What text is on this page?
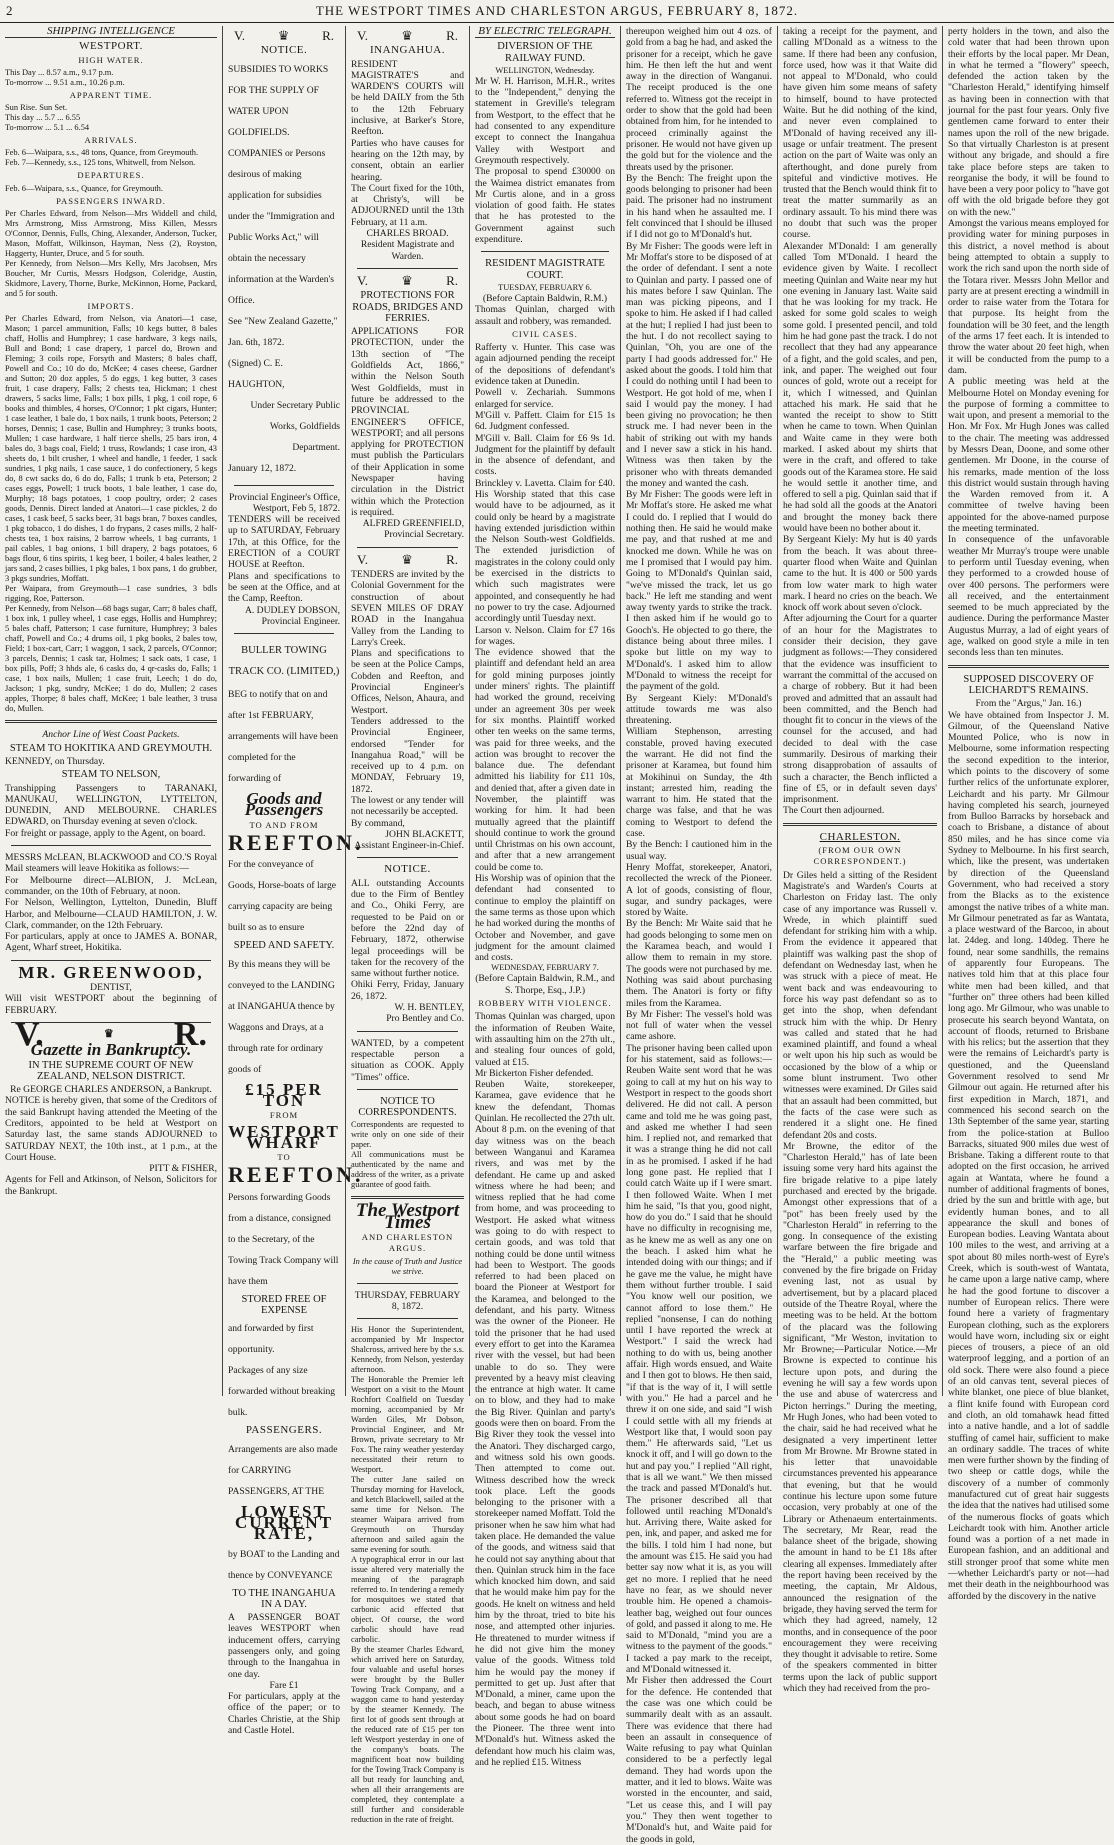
2	THE WESTPORT TIMES AND CHARLESTON ARGUS, FEBRUARY 8, 1872.
SHIPPING INTELLIGENCE
WESTPORT.
HIGH WATER.
This Day ... 8.57 a.m., 9.17 p.m.
To-morrow ... 9.51 a.m., 10.26 p.m.
APPARENT TIME.
Sun Rise. Sun Set.
This day ... 5.7 ... 6.55
To-morrow ... 5.1 ... 6.54
ARRIVALS.
Feb. 6—Waipara, s.s., 48 tons, Quance, from Greymouth.
Feb. 7—Kennedy, s.s., 125 tons, Whitwell, from Nelson.
DEPARTURES.
Feb. 6—Waipara, s.s., Quance, for Greymouth.
PASSENGERS INWARD.
Per Charles Edward, from Nelson—Mrs Widdell and child, Mrs Armstrong, Miss Armstrong, Miss Killen, Messrs O'Connor, Dennis, Fulls, Ching, Alexander, Anderson, Tucker, Mason, Moffatt, Wilkinson, Hayman, Ness (2), Royston, Haggerty, Hunter, Druce, and 5 for south.
Per Kennedy, from Nelson—Mrs Kelly, Mrs Jacobsen, Mrs Boucher, Mr Curtis, Messrs Hodgson, Coleridge, Austin, Skidmore, Lavery, Thorne, Burke, McKinnon, Horne, Packard, and 5 for south.
IMPORTS.
Per Charles Edward, from Nelson, via Anatori—1 case, Mason; 1 parcel ammunition, Falls; 10 kegs butter, 8 bales chaff, Hollis and Humphrey; 1 case hardware, 3 kegs nails, Bull and Bond; 1 case drapery, 1 parcel do, Brown and Fleming; 3 coils rope, Forsyth and Masters; 8 bales chaff, Powell and Co.; 10 do do, McKee; 4 cases cheese, Gardner and Sutton; 20 doz apples, 5 do eggs, 1 keg butter, 3 cases fruit, 1 case drapery, Falls; 2 chests tea, Hickman; 1 chest drawers, 5 sacks lime, Falls; 1 box pills, 1 pkg, 1 coil rope, 6 books and thimbles, 4 horses, O'Connor; 1 pkt cigars, Hunter; 1 case leather, 1 bale do, 1 box nails, 1 trunk boots, Peterson; 2 horses, Dennis; 1 case, Bullin and Humphrey; 3 trunks boots, Mullen; 1 case hardware, 1 half tierce shells, 25 bars iron, 4 bales do, 3 bags coal, Field; 1 truss, Rowlands; 1 case iron, 43 sheets do, 1 bilt crusher, 1 wheel and handle, 1 feeder, 1 sack sundries, 1 pkg nails, 1 case sauce, 1 do confectionery, 5 kegs do, 8 cwt sacks do, 6 do do, Falls; 1 trunk b eta, Peterson; 2 cases eggs, Powell; 1 truck boots, 1 bale leather, 1 case do, Murphy; 18 bags potatoes, 1 coop poultry, order; 2 cases goods, Dennis. Direct landed at Anatori—1 case pickles, 2 do cases, 1 cask beef, 5 sacks beer, 31 bags bran, 7 boxes candles, 1 pkg tobacco, 1 do dishes, 1 do frypans, 2 cases mills, 2 half-chests tea, 1 box raisins, 2 barrow wheels, 1 bag currants, 1 pail cables, 1 bag onions, 1 bill drapery, 2 bags potatoes, 6 bags flour, 6 tins spirits, 1 keg beer, 1 boiler, 4 bales leather, 2 jars sand, 2 cases billies, 1 pkg bales, 1 box pans, 1 do grubber, 3 pkgs sundries, Moffatt.
Per Waipara, from Greymouth—1 case sundries, 3 bdls rigging, Roe, Patterson.
Per Kennedy, from Nelson—68 bags sugar, Carr; 8 bales chaff, 1 box ink, 1 pulley wheel, 1 case eggs, Hollis and Humphrey; 5 bales chaff, Patterson; 1 case furniture, Humphrey; 3 bales chaff, Powell and Co.; 4 drums oil, 1 pkg books, 2 bales tow, Field; 1 box-cart, Carr; 1 waggon, 1 sack, 2 parcels, O'Connor; 3 parcels, Dennis; 1 cask tar, Holmes; 1 sack oats, 1 case, 1 box pills, Poff; 3 hhds ale, 6 casks do, 4 qr-casks do, Falls; 1 case, 1 box nails, Mullen; 1 case fruit, Leech; 1 do do, Jackson; 1 pkg, sundry, McKee; 1 do do, Mullen; 2 cases apples, Thorpe; 8 bales chaff, McKee; 1 bale leather, 3 trusa do, Mullen.
Anchor Line of West Coast Packets.
STEAM TO HOKITIKA AND GREYMOUTH.
KENNEDY, on Thursday.
STEAM TO NELSON,
Transhipping Passengers to TARANAKI, MANUKAU, WELLINGTON, LYTTELTON, DUNEDIN, AND MELBOURNE. CHARLES EDWARD, on Thursday evening at seven o'clock.
For freight or passage, apply to the Agent, on board.
MESSRS McLEAN, BLACKWOOD and CO.'S Royal Mail steamers will leave Hokitika as follows:—
For Melbourne direct—ALBION, J. McLean, commander, on the 10th of February, at noon.
For Nelson, Wellington, Lyttelton, Dunedin, Bluff Harbor, and Melbourne—CLAUD HAMILTON, J. W. Clark, commander, on the 12th February.
For particulars, apply at once to JAMES A. BONAR, Agent, Wharf street, Hokitika.
MR. GREENWOOD,
DENTIST,
Will visit WESTPORT about the beginning of FEBRUARY.
V.	♛ R.
Gazette in Bankruptcy.
IN THE SUPREME COURT OF NEW ZEALAND, NELSON DISTRICT.
Re GEORGE CHARLES ANDERSON, a Bankrupt.
NOTICE is hereby given, that some of the Creditors of the said Bankrupt having attended the Meeting of the Creditors, appointed to be held at Westport on Saturday last, the same stands ADJOURNED to SATURDAY NEXT, the 10th inst., at 1 p.m., at the Court House.
PITT & FISHER,
Agents for Fell and Atkinson, of Nelson, Solicitors for the Bankrupt.
V.	♛	R.
NOTICE.
SUBSIDIES TO WORKS FOR THE SUPPLY OF WATER UPON GOLDFIELDS.
COMPANIES or Persons desirous of making application for subsidies under the "Immigration and Public Works Act," will obtain the necessary information at the Warden's Office.
See "New Zealand Gazette," Jan. 6th, 1872.
(Signed) C. E. HAUGHTON,
Under Secretary Public Works, Goldfields Department.
January 12, 1872.
Provincial Engineer's Office, Westport, Feb 5, 1872.
TENDERS will be received up to SATURDAY, February 17th, at this Office, for the ERECTION of a COURT HOUSE at Reefton.
Plans and specifications to be seen at the Office, and at the Camp, Reefton.
A. DUDLEY DOBSON,
Provincial Engineer.
BULLER TOWING TRACK CO. (LIMITED,)
BEG to notify that on and after 1st FEBRUARY, arrangements will have been completed for the forwarding of
Goods and Passengers
TO AND FROM
REEFTON.
For the conveyance of Goods, Horse-boats of large carrying capacity are being built so as to ensure
SPEED AND SAFETY.
By this means they will be conveyed to the LANDING at INANGAHUA thence by Waggons and Drays, at a through rate for ordinary goods of
£15 PER TON
FROM
WESTPORT WHARF
TO
REEFTON.
Persons forwarding Goods from a distance, consigned to the Secretary, of the Towing Track Company will have them
STORED FREE OF EXPENSE
and forwarded by first opportunity.
Packages of any size forwarded without breaking bulk.
PASSENGERS.
Arrangements are also made for CARRYING PASSENGERS, AT THE
LOWEST CURRENT RATE,
by BOAT to the Landing and thence by CONVEYANCE
TO THE INANGAHUA IN A DAY.
A PASSENGER BOAT leaves WESTPORT when inducement offers, carrying passengers only, and going through to the Inangahua in one day.
Fare £1
For particulars, apply at the office of the paper; or to Charles Christie, at the Ship and Castle Hotel.
V.	♛	R.
INANGAHUA.
RESIDENT MAGISTRATE'S and WARDEN'S COURTS will be held DAILY from the 5th to the 12th February inclusive, at Barker's Store, Reefton.
Parties who have causes for hearing on the 12th may, by consent, obtain an earlier hearing.
The Court fixed for the 10th, at Christy's, will be ADJOURNED until the 13th February, at 11 a.m.
CHARLES BROAD.
Resident Magistrate and Warden.
V.	♛	R.
PROTECTIONS FOR ROADS, BRIDGES AND FERRIES.
APPLICATIONS FOR PROTECTION, under the 13th section of "The Goldfields Act, 1866," within the Nelson South West Goldfields, must in future be addressed to the PROVINCIAL ENGINEER'S OFFICE, WESTPORT; and all persons applying for PROTECTION must publish the Particulars of their Application in some Newspaper having circulation in the District within which the Protection is required.
ALFRED GREENFIELD,
Provincial Secretary.
V.	♛	R.
TENDERS are invited by the Colonial Government for the construction of about SEVEN MILES OF DRAY ROAD in the Inangahua Valley from the Landing to Larry's Creek.
Plans and specifications to be seen at the Police Camps, Cobden and Reefton, and Provincial Engineer's Offices, Nelson, Ahaura, and Westport.
Tenders addressed to the Provincial Engineer, endorsed "Tender for Inangahua Road," will be received up to 4 p.m. on MONDAY, February 19, 1872.
The lowest or any tender will not necessarily be accepted.
By command,
JOHN BLACKETT,
Assistant Engineer-in-Chief.
NOTICE.
ALL outstanding Accounts due to the Firm of Bentley and Co., Ohiki Ferry, are requested to be Paid on or before the 22nd day of February, 1872, otherwise legal proceedings will be taken for the recovery of the same without further notice.
Ohiki Ferry, Friday, January 26, 1872.
W. H. BENTLEY,
Pro Bentley and Co.
WANTED, by a competent respectable person a situation as COOK. Apply "Times" office.
NOTICE TO CORRESPONDENTS.
Correspondents are requested to write only on one side of their paper.
All communications must be authenticated by the name and address of the writer, as a private guarantee of good faith.
The Westport Times
AND CHARLESTON ARGUS.
In the cause of Truth and Justice we strive.
THURSDAY, FEBRUARY 8, 1872.
His Honor the Superintendent, accompanied by Mr Inspector Shalcross, arrived here by the s.s. Kennedy, from Nelson, yesterday afternoon.
The Honorable the Premier left Westport on a visit to the Mount Rochfort Coalfield on Tuesday morning, accompanied by Mr Warden Giles, Mr Dobson, Provincial Engineer, and Mr Brown, private secretary to Mr Fox. The rainy weather yesterday necessitated their return to Westport.
The cutter Jane sailed on Thursday morning for Havelock, and ketch Blackwell, sailed at the same time for Nelson. The steamer Waipara arrived from Greymouth on Thursday afternoon and sailed again the same evening for south.
A typographical error in our last issue altered very materially the meaning of the paragraph referred to. In tendering a remedy for mosquitoes we stated that carbonic acid effected that object. Of course, the word carbolic should have read carbolic.
By the steamer Charles Edward, which arrived here on Saturday, four valuable and useful horses were brought by the Buller Towing Track Company, and a waggon came to hand yesterday by the steamer Kennedy. The first lot of goods sent through at the reduced rate of £15 per ton left Westport yesterday in one of the company's boats. The magnificent boat now building for the Towing Track Company is all but ready for launching and, when all their arrangements are completed, they contemplate a still further and considerable reduction in the rate of freight.
BY ELECTRIC TELEGRAPH.
DIVERSION OF THE RAILWAY FUND.
WELLINGTON, Wednesday.
Mr W. H. Harrison, M.H.R., writes to the "Independent," denying the statement in Greville's telegram from Westport, to the effect that he had consented to any expenditure except to connect the Inangahua Valley with Westport and Greymouth respectively.
The proposal to spend £30000 on the Waimea district emanates from Mr Curtis alone, and in a gross violation of good faith. He states that he has protested to the Government against such expenditure.
RESIDENT MAGISTRATE COURT.
TUESDAY, FEBRUARY 6.
(Before Captain Baldwin, R.M.)
Thomas Quinlan, charged with assault and robbery, was remanded.
CIVIL CASES.
Rafferty v. Hunter. This case was again adjourned pending the receipt of the depositions of defendant's evidence taken at Dunedin.
Powell v. Zechariah. Summons enlarged for service.
M'Gill v. Paffett. Claim for £15 1s 6d. Judgment confessed.
M'Gill v. Ball. Claim for £6 9s 1d. Judgment for the plaintiff by default in the absence of defendant, and costs.
Brinckley v. Lavetta. Claim for £40. His Worship stated that this case would have to be adjourned, as it could only be heard by a magistrate having extended jurisdiction within the Nelson South-west Goldfields. The extended jurisdiction of magistrates in the colony could only be exercised in the districts to which such magistrates were appointed, and consequently he had no power to try the case. Adjourned accordingly until Tuesday next.
Larson v. Nelson. Claim for £7 16s for wages.
The evidence showed that the plaintiff and defendant held an area for gold mining purposes jointly under miners' rights. The plaintiff had worked the ground, receiving under an agreement 30s per week for six months. Plaintiff worked other ten weeks on the same terms, was paid for three weeks, and the action was brought to recover the balance due. The defendant admitted his liability for £11 10s, and denied that, after a given date in November, the plaintiff was working for him. It had been mutually agreed that the plaintiff should continue to work the ground until Christmas on his own account, and after that a new arrangement could be come to.
His Worship was of opinion that the defendant had consented to continue to employ the plaintiff on the same terms as those upon which he had worked during the months of October and November, and gave judgment for the amount claimed and costs.
WEDNESDAY, FEBRUARY 7.
(Before Captain Baldwin, R.M., and S. Thorpe, Esq., J.P.)
ROBBERY WITH VIOLENCE.
Thomas Quinlan was charged, upon the information of Reuben Waite, with assaulting him on the 27th ult., and stealing four ounces of gold, valued at £15.
Mr Bickerton Fisher defended.
Reuben Waite, storekeeper, Karamea, gave evidence that he knew the defendant, Thomas Quinlan. He recollected the 27th ult. About 8 p.m. on the evening of that day witness was on the beach between Wanganui and Karamea rivers, and was met by the defendant. He came up and asked witness where he had been; and witness replied that he had come from home, and was proceeding to Westport. He asked what witness was going to do with respect to certain goods, and was told that nothing could be done until witness had been to Westport. The goods referred to had been placed on board the Pioneer at Westport for the Karamea, and belonged to the defendant, and his party. Witness was the owner of the Pioneer. He told the prisoner that he had used every effort to get into the Karamea river with the vessel, but had been unable to do so. They were prevented by a heavy mist cleaving the entrance at high water. It came on to blow, and they had to make the Big River. Quinlan and party's goods were then on board. From the Big River they took the vessel into the Anatori. They discharged cargo, and witness sold his own goods. Then attempted to come out. Witness described how the wreck took place. Left the goods belonging to the prisoner with a storekeeper named Moffatt. Told the prisoner when he saw him what had taken place. He demanded the value of the goods, and witness said that he could not say anything about that then. Quinlan struck him in the face which knocked him down, and said that he would make him pay for the goods. He knelt on witness and held him by the throat, tried to bite his nose, and attempted other injuries. He threatened to murder witness if he did not give him the money value of the goods. Witness told him he would pay the money if permitted to get up. Just after that M'Donald, a miner, came upon the beach, and began to abuse witness about some goods he had on board the Pioneer. The three went into M'Donald's hut. Witness asked the defendant how much his claim was, and he replied £15. Witness
thereupon weighed him out 4 ozs. of gold from a bag he had, and asked the prisoner for a receipt, which he gave him. He then left the hut and went away in the direction of Wanganui. The receipt produced is the one referred to. Witness got the receipt in order to show that the gold had been obtained from him, for he intended to proceed criminally against the prisoner. He would not have given up the gold but for the violence and the threats used by the prisoner.
By the Bench: The freight upon the goods belonging to prisoner had been paid. The prisoner had no instrument in his hand when he assaulted me. I felt convinced that I should be illused if I did not go to M'Donald's hut.
By Mr Fisher: The goods were left in Mr Moffat's store to be disposed of at the order of defendant. I sent a note to Quinlan and party. I passed one of his mates before I saw Quinlan. The man was picking pipeons, and I spoke to him. He asked if I had called at the hut; I replied I had just been to the hut. I do not recollect saying to Quinlan, "Oh, you are one of the party I had goods addressed for." He asked about the goods. I told him that I could do nothing until I had been to Westport. He got hold of me, when I said I would pay the money. I had been giving no provocation; he then struck me. I had never been in the habit of striking out with my hands and I never saw a stick in his hand. Witness was then taken by the prisoner who with threats demanded the money and wanted the cash.
By Mr Fisher: The goods were left in Mr Moffat's store. He asked me what I could do. I replied that I would do nothing then. He said he would make me pay, and that rushed at me and knocked me down. While he was on me I promised that I would pay him. Going to M'Donald's Quinlan said, "we've missed the track, let us go back." He left me standing and went away twenty yards to strike the track. I then asked him if he would go to Gooch's. He objected to go there, the distance being about three miles. I spoke but little on my way to M'Donald's. I asked him to allow M'Donald to witness the receipt for the payment of the gold.
By Sergeant Kiely: M'Donald's attitude towards me was also threatening.
William Stephenson, arresting constable, proved having executed the warrant. He did not find the prisoner at Karamea, but found him at Mokihinui on Sunday, the 4th instant; arrested him, reading the warrant to him. He stated that the charge was false, and that he was coming to Westport to defend the case.
By the Bench: I cautioned him in the usual way.
Henry Moffat, storekeeper, Anatori, recollected the wreck of the Pioneer. A lot of goods, consisting of flour, sugar, and sundry packages, were stored by Waite.
By the Bench: Mr Waite said that he had goods belonging to some men on the Karamea beach, and would I allow them to remain in my store. The goods were not purchased by me. Nothing was said about purchasing them. The Anatori is forty or fifty miles from the Karamea.
By Mr Fisher: The vessel's hold was not full of water when the vessel came ashore.
The prisoner having been called upon for his statement, said as follows:—Reuben Waite sent word that he was going to call at my hut on his way to Westport in respect to the goods short delivered. He did not call. A person came and told me he was going past, and asked me whether I had seen him. I replied not, and remarked that it was a strange thing he did not call in as he promised. I asked if he had long gone past. He replied that I could catch Waite up if I were smart. I then followed Waite. When I met him he said, "Is that you, good night, how do you do." I said that he should have no difficulty in recognising me, as he knew me as well as any one on the beach. I asked him what he intended doing with our things; and if he gave me the value, he might have them without further trouble. I said "You know well our position, we cannot afford to lose them." He replied "nonsense, I can do nothing until I have reported the wreck at Westport." I said the wreck had nothing to do with us, being another affair. High words ensued, and Waite and I then got to blows. He then said, "if that is the way of it, I will settle with you." He had a parcel and he threw it on one side, and said "I wish I could settle with all my friends at Westport like that, I would soon pay them." He afterwards said, "Let us knock it off, and I will go down to the hut and pay you." I replied "All right, that is all we want." We then missed the track and passed M'Donald's hut. The prisoner described all that followed until reaching M'Donald's hut. Arriving there, Waite asked for pen, ink, and paper, and asked me for the bills. I told him I had none, but the amount was £15. He said you had better say now what it is, as you will get no more. I replied that he need have no fear, as we should never trouble him. He opened a chamois-leather bag, weighed out four ounces of gold, and passed it along to me. He said to M'Donald, "mind you are a witness to the payment of the goods." I tacked a pay mark to the receipt, and M'Donald witnessed it.
Mr Fisher then addressed the Court for the defence. He contended that the case was one which could be summarily dealt with as an assault. There was evidence that there had been an assault in consequence of Waite refusing to pay what Quinlan considered to be a perfectly legal demand. They had words upon the matter, and it led to blows. Waite was worsted in the encounter, and said, "Let us cease this, and I will pay you." They then went together to M'Donald's hut, and Waite paid for the goods in gold,
taking a receipt for the payment, and calling M'Donald as a witness to the same. If there had been any confusion, force used, how was it that Waite did not appeal to M'Donald, who could have given him some means of safety to himself, bound to have protected Waite. But he did nothing of the kind, and never even complained to M'Donald of having received any ill-usage or unfair treatment. The present action on the part of Waite was only an afterthought, and done purely from spiteful and vindictive motives. He trusted that the Bench would think fit to treat the matter summarily as an ordinary assault. To his mind there was no doubt that such was the proper course.
Alexander M'Donald: I am generally called Tom M'Donald. I heard the evidence given by Waite. I recollect meeting Quinlan and Waite near my hut one evening in January last. Waite said that he was looking for my track. He asked for some gold scales to weigh some gold. I presented pencil, and told him he had gone past the track. I do not recollect that they had any appearance of a fight, and the gold scales, and pen, ink, and paper. The weighed out four ounces of gold, wrote out a receipt for it, which I witnessed, and Quinlan attached his mark. He said that he wanted the receipt to show to Stitt when he came to town. When Quinlan and Waite came in they were both marked. I asked about my shirts that were in the craft, and offered to take goods out of the Karamea store. He said he would settle it another time, and offered to sell a pig. Quinlan said that if he had sold all the goods at the Anatori and brought the money back there would have been no bother about it.
By Sergeant Kiely: My hut is 40 yards from the beach. It was about three-quarter flood when Waite and Quinlan came to the hut. It is 400 or 500 yards from low water mark to high water mark. I heard no cries on the beach. We knock off work about seven o'clock.
After adjourning the Court for a quarter of an hour for the Magistrates to consider their decision, they gave judgment as follows:—They considered that the evidence was insufficient to warrant the committal of the accused on a charge of robbery. But it had been proved and admitted that an assault had been committed, and the Bench had thought fit to concur in the views of the counsel for the accused, and had decided to deal with the case summarily. Desirous of marking their strong disapprobation of assaults of such a character, the Bench inflicted a fine of £5, or in default seven days' imprisonment.
The Court then adjourned.
CHARLESTON.
(FROM OUR OWN CORRESPONDENT.)
Dr Giles held a sitting of the Resident Magistrate's and Warden's Courts at Charleston on Friday last. The only case of any importance was Russell v. Wrede, in which plaintiff sued defendant for striking him with a whip. From the evidence it appeared that plaintiff was walking past the shop of defendant on Wednesday last, when he was struck with a piece of meat. He went back and was endeavouring to force his way past defendant so as to get into the shop, when defendant struck him with the whip. Dr Henry was called and stated that he had examined plaintiff, and found a wheal or welt upon his hip such as would be occasioned by the blow of a whip or some blunt instrument. Two other witnesses were examined. Dr Giles said that an assault had been committed, but the facts of the case were such as rendered it a slight one. He fined defendant 20s and costs.
Mr Browne, the editor of the "Charleston Herald," has of late been issuing some very hard hits against the fire brigade relative to a pipe lately purchased and erected by the brigade. Amongst other expressions that of a "pot" has been freely used by the "Charleston Herald" in referring to the gong. In consequence of the existing warfare between the fire brigade and the "Herald," a public meeting was convened by the fire brigade on Friday evening last, not as usual by advertisement, but by a placard placed outside of the Theatre Royal, where the meeting was to be held. At the bottom of the placard was the following significant, "Mr Weston, invitation to Mr Browne;—Particular Notice.—Mr Browne is expected to continue his lecture upon pots, and during the evening he will say a few words upon the use and abuse of watercress and Picton herrings." During the meeting, Mr Hugh Jones, who had been voted to the chair, said he had received what he designated a very impertinent letter from Mr Browne. Mr Browne stated in his letter that unavoidable circumstances prevented his appearance that evening, but that he would continue his lecture upon some future occasion, very probably at one of the Library or Athenaeum entertainments. The secretary, Mr Rear, read the balance sheet of the brigade, showing the amount in hand to be £1 18s after clearing all expenses. Immediately after the report having been received by the meeting, the captain, Mr Aldous, announced the resignation of the brigade, they having served the term for which they had agreed, namely, 12 months, and in consequence of the poor encouragement they were receiving they thought it advisable to retire. Some of the speakers commented in bitter terms upon the lack of public support which they had received from the pro-
perty holders in the town, and also the cold water that had been thrown upon their efforts by the local paper. Mr Dean, in what he termed a "flowery" speech, defended the action taken by the "Charleston Herald," identifying himself as having been in connection with that journal for the past four years. Only five gentlemen came forward to enter their names upon the roll of the new brigade. So that virtually Charleston is at present without any brigade, and should a fire take place before steps are taken to reorganise the body, it will be found to have been a very poor policy to "have got off with the old brigade before they got on with the new."
Amongst the various means employed for providing water for mining purposes in this district, a novel method is about being attempted to obtain a supply to work the rich sand upon the north side of the Totara river. Messrs John Mellor and party are at present erecting a windmill in order to raise water from the Totara for that purpose. Its height from the foundation will be 30 feet, and the length of the arms 17 feet each. It is intended to throw the water about 20 feet high, when it will be conducted from the pump to a dam.
A public meeting was held at the Melbourne Hotel on Monday evening for the purpose of forming a committee to wait upon, and present a memorial to the Hon. Mr Fox. Mr Hugh Jones was called to the chair. The meeting was addressed by Messrs Dean, Doone, and some other gentlemen. Mr Doone, in the course of his remarks, made mention of the loss this district would sustain through having the Warden removed from it. A committee of twelve having been appointed for the above-named purpose the meeting terminated.
In consequence of the unfavorable weather Mr Murray's troupe were unable to perform until Tuesday evening, when they performed to a crowded house of over 400 persons. The performers were all received, and the entertainment seemed to be much appreciated by the audience. During the performance Master Augustus Murray, a lad of eight years of age, walked on good style a mile in ten seconds less than ten minutes.
SUPPOSED DISCOVERY OF LEICHARDT'S REMAINS.
From the "Argus," Jan. 16.)
We have obtained from Inspector J. M. Gilmour, of the Queensland Native Mounted Police, who is now in Melbourne, some information respecting the second expedition to the interior, which points to the discovery of some further relics of the unfortunate explorer, Leichardt and his party. Mr Gilmour having completed his search, journeyed from Bulloo Barracks by horseback and coach to Brisbane, a distance of about 850 miles, and he has since come via Sydney to Melbourne. In his first search, which, like the present, was undertaken by direction of the Queensland Government, who had received a story from the Blacks as to the existence amongst the native tribes of a white man. Mr Gilmour penetrated as far as Wantata, a place westward of the Barcoo, in about lat. 24deg. and long. 140deg. There he found, near some sandhills, the remains of apparently four Europeans. The natives told him that at this place four white men had been killed, and that "further on" three others had been killed long ago. Mr Gilmour, who was unable to prosecute his search beyond Wantata, on account of floods, returned to Brisbane with his relics; but the assertion that they were the remains of Leichardt's party is questioned, and the Queensland Government resolved to send Mr Gilmour out again. He returned after his first expedition in March, 1871, and commenced his second search on the 13th September of the same year, starting from the police-station at Bulloo Barracks, situated 900 miles due west of Brisbane. Taking a different route to that adopted on the first occasion, he arrived again at Wantata, where he found a number of additional fragments of bones, dried by the sun and brittle with age, but evidently human bones, and to all appearance the skull and bones of European bodies. Leaving Wantata about 100 miles to the west, and arriving at a spot about 80 miles north-west of Eyre's Creek, which is south-west of Wantata, he came upon a large native camp, where he had the good fortune to discover a number of European relics. There were found here a variety of fragmentary European clothing, such as the explorers would have worn, including six or eight pieces of trousers, a piece of an old waterproof legging, and a portion of an old sock. There were also found a piece of an old canvas tent, several pieces of white blanket, one piece of blue blanket, a flint knife found with European cord and cloth, an old tomahawk head fitted into a native handle, and a lot of saddle stuffing of camel hair, sufficient to make an ordinary saddle. The traces of white men were further shown by the finding of two sheep or cattle dogs, while the discovery of a number of commonly manufactured cut of great hair suggests the idea that the natives had utilised some of the numerous flocks of goats which Leichardt took with him. Another article found was a portion of a net made in European fashion, and an additional and still stronger proof that some white men—whether Leichardt's party or not—had met their death in the neighbourhood was afforded by the discovery in the native
